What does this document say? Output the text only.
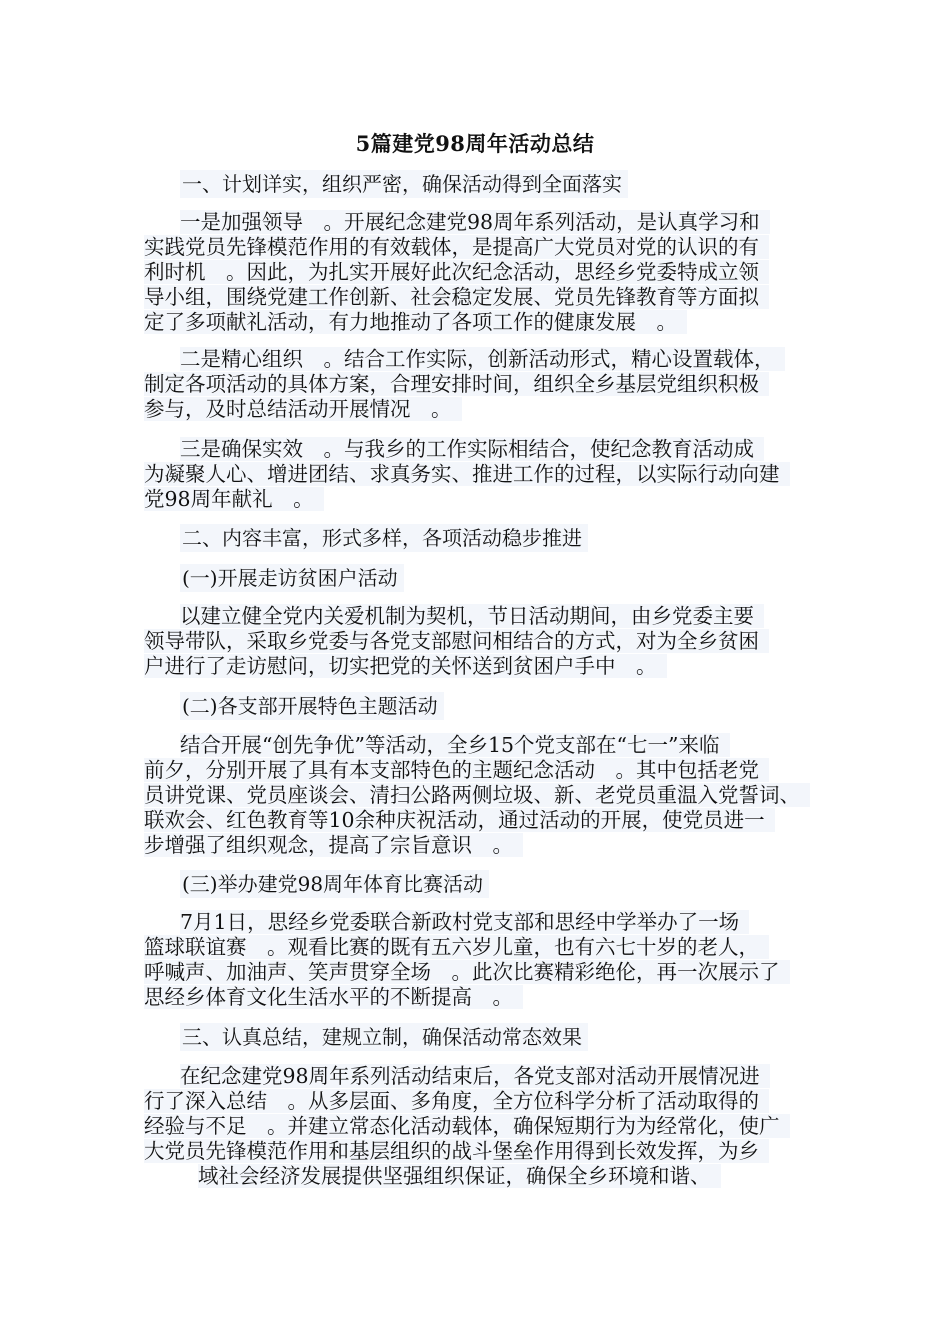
5篇建党98周年活动总结
一、计划详实，组织严密，确保活动得到全面落实
一是加强领导　。开展纪念建党98周年系列活动，是认真学习和
实践党员先锋模范作用的有效载体，是提高广大党员对党的认识的有
利时机　。因此，为扎实开展好此次纪念活动，思经乡党委特成立领
导小组，围绕党建工作创新、社会稳定发展、党员先锋教育等方面拟
定了多项献礼活动，有力地推动了各项工作的健康发展　。
二是精心组织　。结合工作实际，创新活动形式，精心设置载体，
制定各项活动的具体方案，合理安排时间，组织全乡基层党组织积极
参与，及时总结活动开展情况　。
三是确保实效　。与我乡的工作实际相结合，使纪念教育活动成
为凝聚人心、增进团结、求真务实、推进工作的过程，以实际行动向建
党98周年献礼　。
二、内容丰富，形式多样，各项活动稳步推进
(一)开展走访贫困户活动
以建立健全党内关爱机制为契机，节日活动期间，由乡党委主要
领导带队，采取乡党委与各党支部慰问相结合的方式，对为全乡贫困
户进行了走访慰问，切实把党的关怀送到贫困户手中　。
(二)各支部开展特色主题活动
结合开展“创先争优”等活动，全乡15个党支部在“七一”来临
前夕，分别开展了具有本支部特色的主题纪念活动　。其中包括老党
员讲党课、党员座谈会、清扫公路两侧垃圾、新、老党员重温入党誓词、
联欢会、红色教育等10余种庆祝活动，通过活动的开展，使党员进一
步增强了组织观念，提高了宗旨意识　。
(三)举办建党98周年体育比赛活动
7月1日，思经乡党委联合新政村党支部和思经中学举办了一场
篮球联谊赛　。观看比赛的既有五六岁儿童，也有六七十岁的老人，
呼喊声、加油声、笑声贯穿全场　。此次比赛精彩绝伦，再一次展示了
思经乡体育文化生活水平的不断提高　。
三、认真总结，建规立制，确保活动常态效果
在纪念建党98周年系列活动结束后，各党支部对活动开展情况进
行了深入总结　。从多层面、多角度，全方位科学分析了活动取得的
经验与不足　。并建立常态化活动载体，确保短期行为为经常化，使广
大党员先锋模范作用和基层组织的战斗堡垒作用得到长效发挥，为乡
域社会经济发展提供坚强组织保证，确保全乡环境和谐、
